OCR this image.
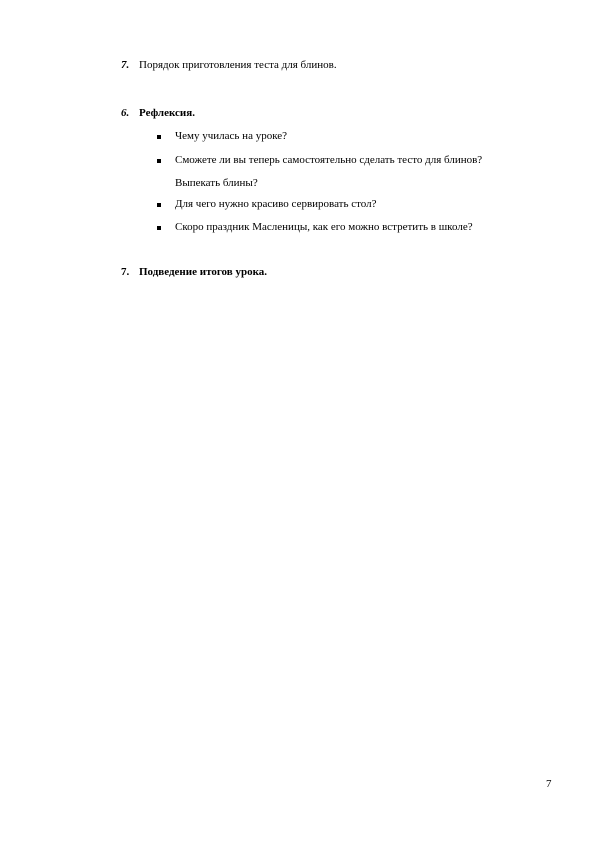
7. Порядок приготовления теста для блинов.
6. Рефлексия.
Чему училась на уроке?
Сможете ли вы теперь самостоятельно сделать тесто для блинов?
Выпекать блины?
Для чего нужно красиво сервировать стол?
Скоро праздник Масленицы, как его можно встретить в школе?
7. Подведение итогов урока.
7
